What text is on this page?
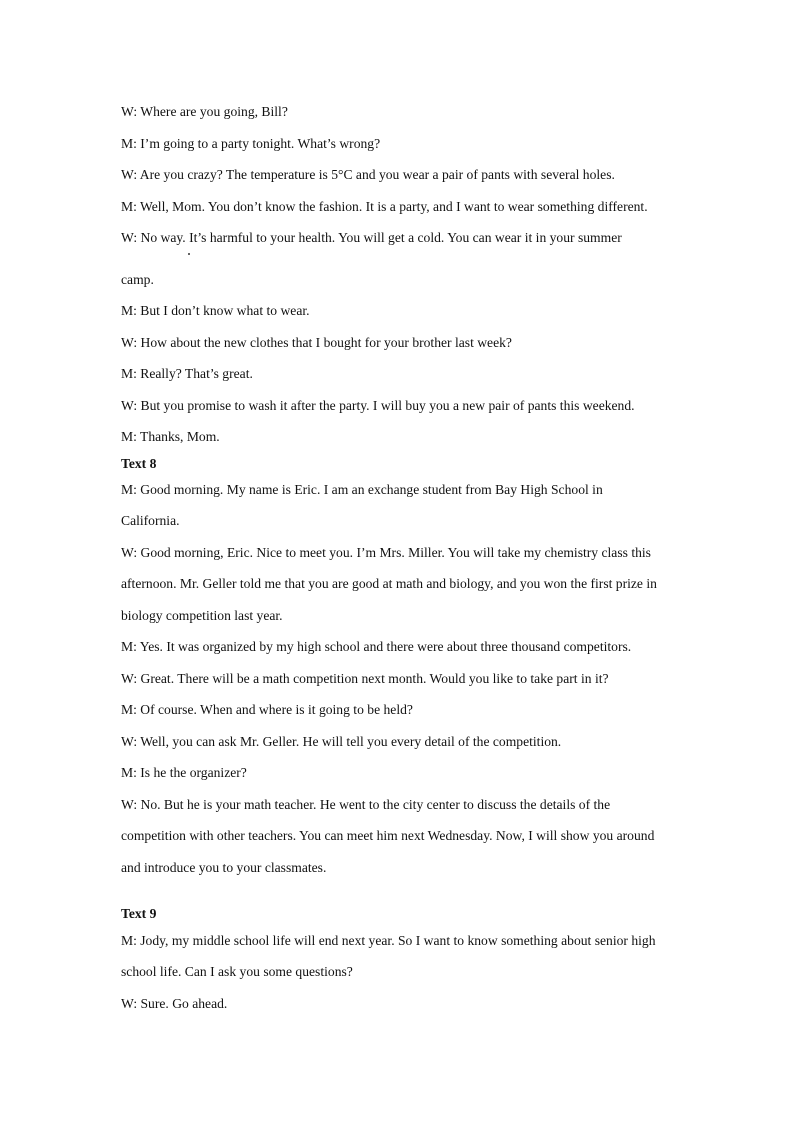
W: Where are you going, Bill?
M: I’m going to a party tonight. What’s wrong?
W: Are you crazy? The temperature is 5°C and you wear a pair of pants with several holes.
M: Well, Mom. You don’t know the fashion. It is a party, and I want to wear something different.
W: No way. It’s harmful to your health. You will get a cold. You can wear it in your summer
camp.
M: But I don’t know what to wear.
W: How about the new clothes that I bought for your brother last week?
M: Really? That’s great.
W: But you promise to wash it after the party. I will buy you a new pair of pants this weekend.
M: Thanks, Mom.
Text 8
M: Good morning. My name is Eric. I am an exchange student from Bay High School in
California.
W: Good morning, Eric. Nice to meet you. I’m Mrs. Miller. You will take my chemistry class this
afternoon. Mr. Geller told me that you are good at math and biology, and you won the first prize in
biology competition last year.
M: Yes. It was organized by my high school and there were about three thousand competitors.
W: Great. There will be a math competition next month. Would you like to take part in it?
M: Of course. When and where is it going to be held?
W: Well, you can ask Mr. Geller. He will tell you every detail of the competition.
M: Is he the organizer?
W: No. But he is your math teacher. He went to the city center to discuss the details of the
competition with other teachers. You can meet him next Wednesday. Now, I will show you around
and introduce you to your classmates.
Text 9
M: Jody, my middle school life will end next year. So I want to know something about senior high
school life. Can I ask you some questions?
W: Sure. Go ahead.
